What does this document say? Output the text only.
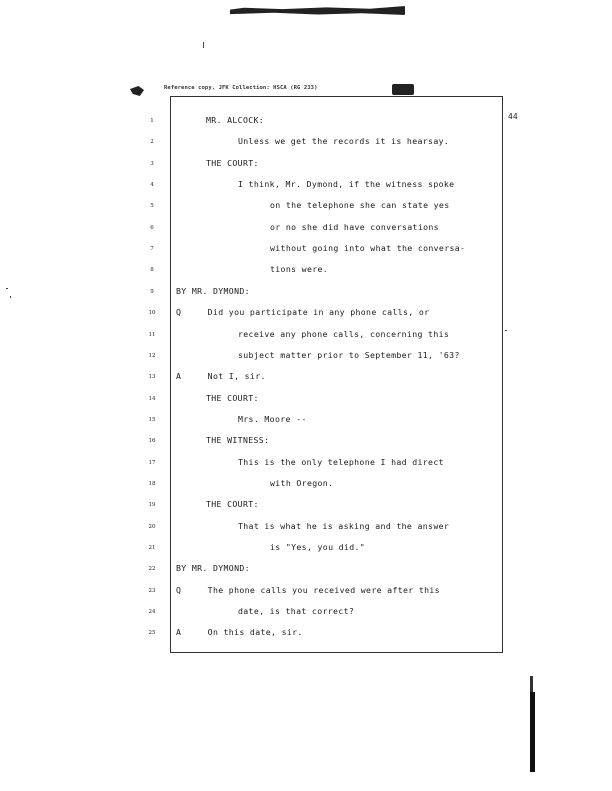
Reference copy, JFK Collection: HSCA (RG 233)
44
1	MR. ALCOCK:
2	Unless we get the records it is hearsay.
3	THE COURT:
4	I think, Mr. Dymond, if the witness spoke
5	on the telephone she can state yes
6	or no she did have conversations
7	without going into what the conversa-
8	tions were.
9	BY MR. DYMOND:
10	Q     Did you participate in any phone calls, or
11	receive any phone calls, concerning this
12	subject matter prior to September 11, '63?
13	A     Not I, sir.
14	THE COURT:
15	Mrs. Moore --
16	THE WITNESS:
17	This is the only telephone I had direct
18	with Oregon.
19	THE COURT:
20	That is what he is asking and the answer
21	is "Yes, you did."
22	BY MR. DYMOND:
23	Q     The phone calls you received were after this
24	date, is that correct?
25	A     On this date, sir.
